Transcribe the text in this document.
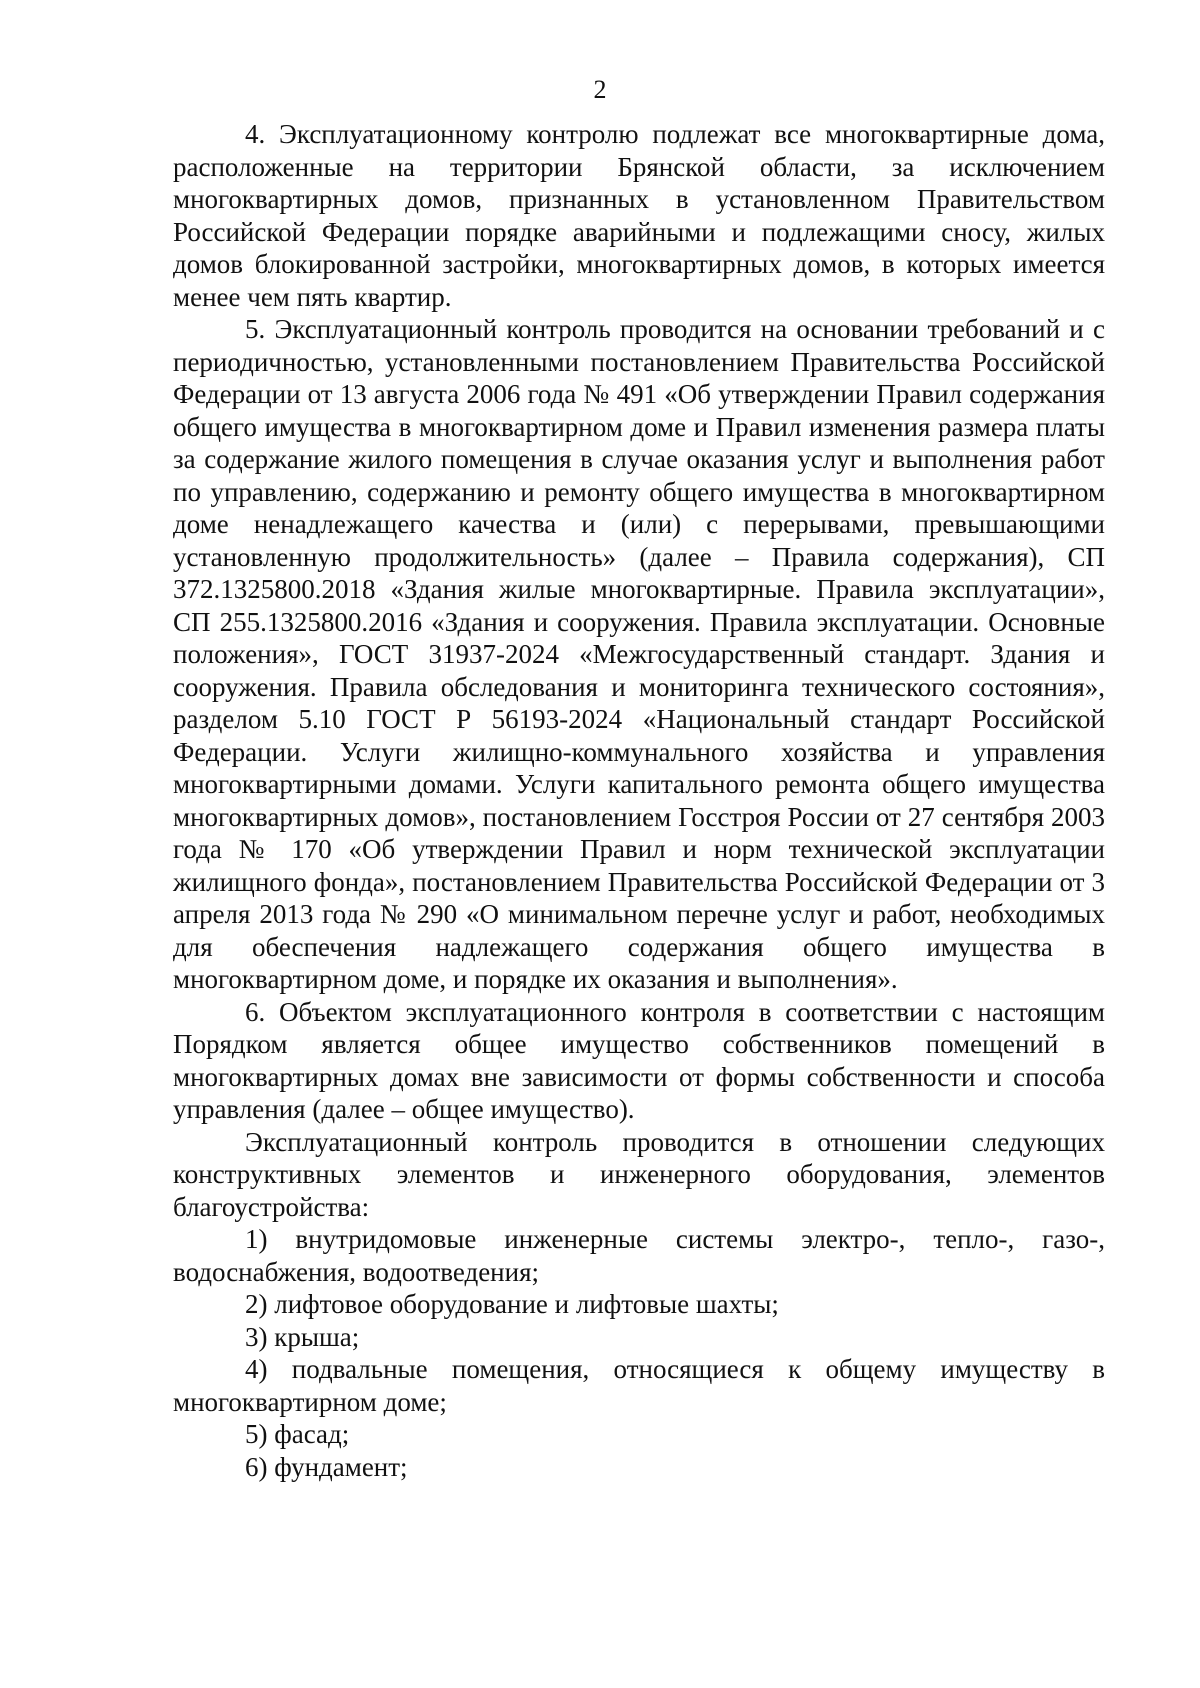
2

4. Эксплуатационному контролю подлежат все многоквартирные дома, расположенные на территории Брянской области, за исключением многоквартирных домов, признанных в установленном Правительством Российской Федерации порядке аварийными и подлежащими сносу, жилых домов блокированной застройки, многоквартирных домов, в которых имеется менее чем пять квартир.

5. Эксплуатационный контроль проводится на основании требований и с периодичностью, установленными постановлением Правительства Российской Федерации от 13 августа 2006 года № 491 «Об утверждении Правил содержания общего имущества в многоквартирном доме и Правил изменения размера платы за содержание жилого помещения в случае оказания услуг и выполнения работ по управлению, содержанию и ремонту общего имущества в многоквартирном доме ненадлежащего качества и (или) с перерывами, превышающими установленную продолжительность» (далее – Правила содержания), СП 372.1325800.2018 «Здания жилые многоквартирные. Правила эксплуатации», СП 255.1325800.2016 «Здания и сооружения. Правила эксплуатации. Основные положения», ГОСТ 31937-2024 «Межгосударственный стандарт. Здания и сооружения. Правила обследования и мониторинга технического состояния», разделом 5.10 ГОСТ Р 56193-2024 «Национальный стандарт Российской Федерации. Услуги жилищно-коммунального хозяйства и управления многоквартирными домами. Услуги капитального ремонта общего имущества многоквартирных домов», постановлением Госстроя России от 27 сентября 2003 года № 170 «Об утверждении Правил и норм технической эксплуатации жилищного фонда», постановлением Правительства Российской Федерации от 3 апреля 2013 года № 290 «О минимальном перечне услуг и работ, необходимых для обеспечения надлежащего содержания общего имущества в многоквартирном доме, и порядке их оказания и выполнения».

6. Объектом эксплуатационного контроля в соответствии с настоящим Порядком является общее имущество собственников помещений в многоквартирных домах вне зависимости от формы собственности и способа управления (далее – общее имущество).

Эксплуатационный контроль проводится в отношении следующих конструктивных элементов и инженерного оборудования, элементов благоустройства:

1) внутридомовые инженерные системы электро-, тепло-, газо-, водоснабжения, водоотведения;

2) лифтовое оборудование и лифтовые шахты;

3) крыша;

4) подвальные помещения, относящиеся к общему имуществу в многоквартирном доме;

5) фасад;

6) фундамент;
